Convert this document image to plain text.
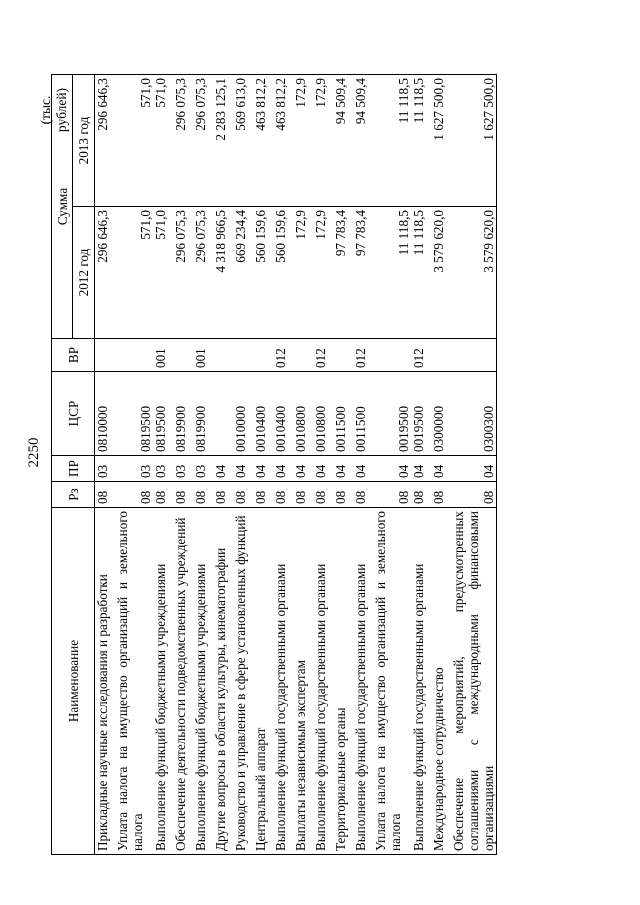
2250
(тыс. рублей)
Наименование	Рз	ПР	ЦСР	ВР	Сумма	
					2012 год	2013 год
Прикладные научные исследования и разработки	08	03	0810000		296 646,3	296 646,3
Уплата налога на имущество организаций и земельного налога	08	03	0819500		571,0	571,0
Выполнение функций бюджетными учреждениями	08	03	0819500	001	571,0	571,0
Обеспечение деятельности подведомственных учреждений	08	03	0819900		296 075,3	296 075,3
Выполнение функций бюджетными учреждениями	08	03	0819900	001	296 075,3	296 075,3
Другие вопросы в области культуры, кинематографии	08	04			4 318 966,5	2 283 125,1
Руководство и управление в сфере установленных функций	08	04	0010000		669 234,4	569 613,0
Центральный аппарат	08	04	0010400		560 159,6	463 812,2
Выполнение функций государственными органами	08	04	0010400	012	560 159,6	463 812,2
Выплаты независимым экспертам	08	04	0010800		172,9	172,9
Выполнение функций государственными органами	08	04	0010800	012	172,9	172,9
Территориальные органы	08	04	0011500		97 783,4	94 509,4
Выполнение функций государственными органами	08	04	0011500	012	97 783,4	94 509,4
Уплата налога на имущество организаций и земельного налога	08	04	0019500		11 118,5	11 118,5
Выполнение функций государственными органами	08	04	0019500	012	11 118,5	11 118,5
Международное сотрудничество	08	04	0300000		3 579 620,0	1 627 500,0
Обеспечение мероприятий, предусмотренных соглашениями с международными финансовыми организациями	08	04	0300300		3 579 620,0	1 627 500,0
